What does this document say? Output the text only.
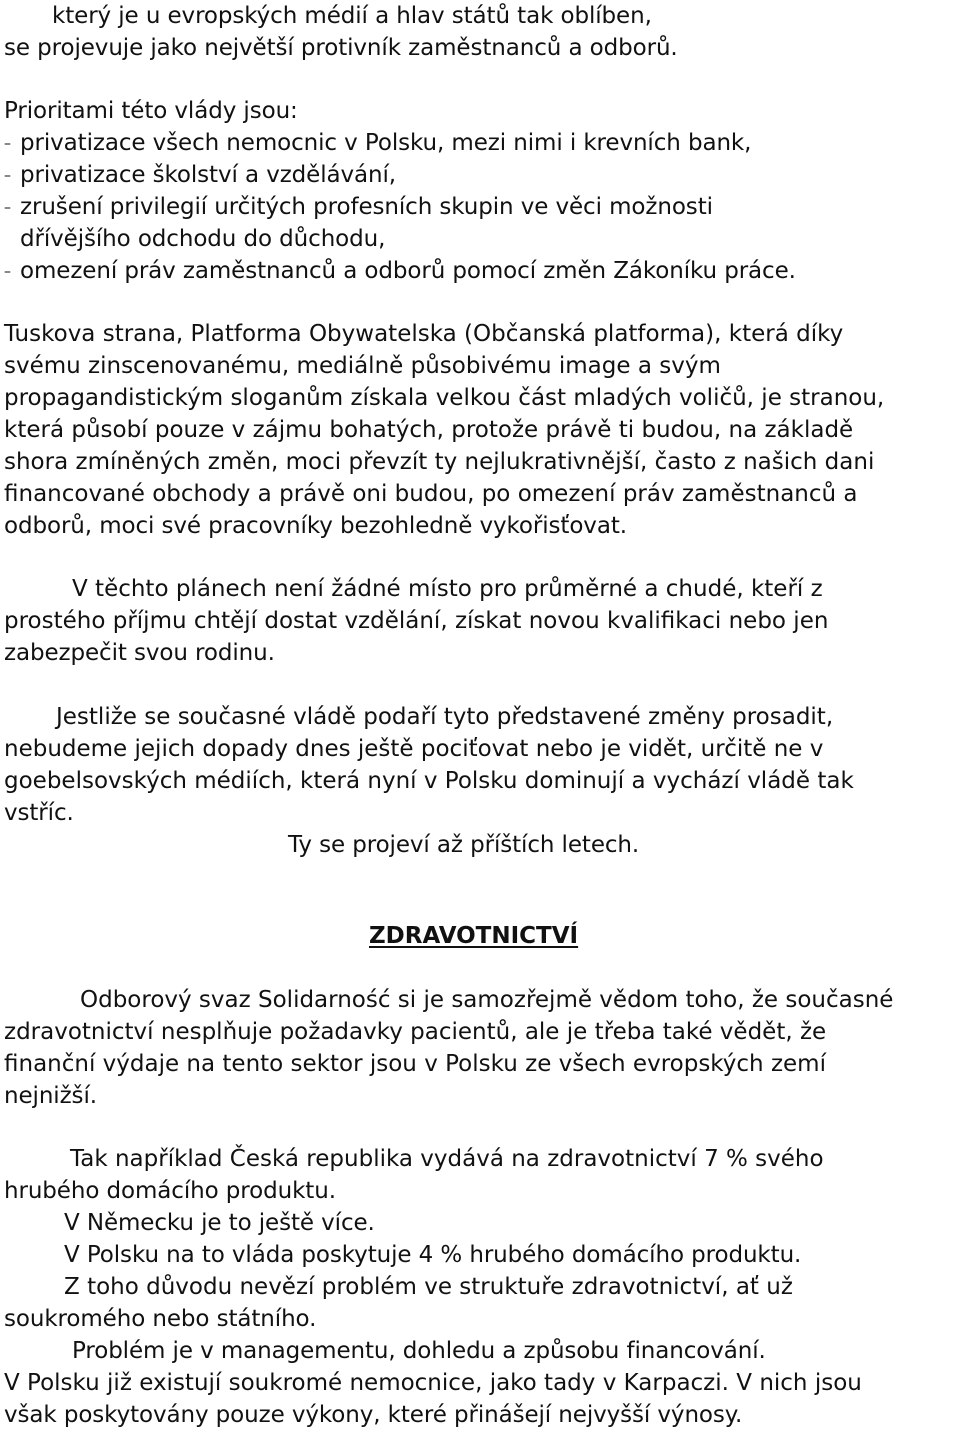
který je u evropských médií a hlav států tak oblíben,
se projevuje jako největší protivník zaměstnanců a odborů.
Prioritami této vlády jsou:
– privatizace všech nemocnic v Polsku, mezi nimi i krevních bank,
– privatizace školství a vzdělávání,
– zrušení privilegií určitých profesních skupin ve věci možnosti
dřívějšího odchodu do důchodu,
– omezení práv zaměstnanců a odborů pomocí změn Zákoníku práce.
Tuskova strana, Platforma Obywatelska (Občanská platforma), která díky
svému zinscenovanému, mediálně působivému image a svým
propagandistickým sloganům získala velkou část mladých voličů, je stranou,
která působí pouze v zájmu bohatých, protože právě ti budou, na základě
shora zmíněných změn, moci převzít ty nejlukrativnější, často z našich dani
financované obchody a právě oni budou, po omezení práv zaměstnanců a
odborů, moci své pracovníky bezohledně vykořisťovat.
V těchto plánech není žádné místo pro průměrné a chudé, kteří z
prostého příjmu chtějí dostat vzdělání, získat novou kvalifikaci nebo jen
zabezpečit svou rodinu.
Jestliže se současné vládě podaří tyto představené změny prosadit,
nebudeme jejich dopady dnes ještě pociťovat nebo je vidět, určitě ne v
goebelsovských médiích, která nyní v Polsku dominují a vychází vládě tak
vstříc.
Ty se projeví až příštích letech.
ZDRAVOTNICTVÍ
Odborový svaz Solidarność si je samozřejmě vědom toho, že současné
zdravotnictví nesplňuje požadavky pacientů, ale je třeba také vědět, že
finanční výdaje na tento sektor jsou v Polsku ze všech evropských zemí
nejnižší.
Tak například Česká republika vydává na zdravotnictví 7 % svého
hrubého domácího produktu.
V Německu je to ještě více.
V Polsku na to vláda poskytuje 4 % hrubého domácího produktu.
Z toho důvodu nevězí problém ve struktuře zdravotnictví, ať už
soukromého nebo státního.
Problém je v managementu, dohledu a způsobu financování.
V Polsku již existují soukromé nemocnice, jako tady v Karpaczi. V nich jsou
však poskytovány pouze výkony, které přinášejí nejvyšší výnosy.
